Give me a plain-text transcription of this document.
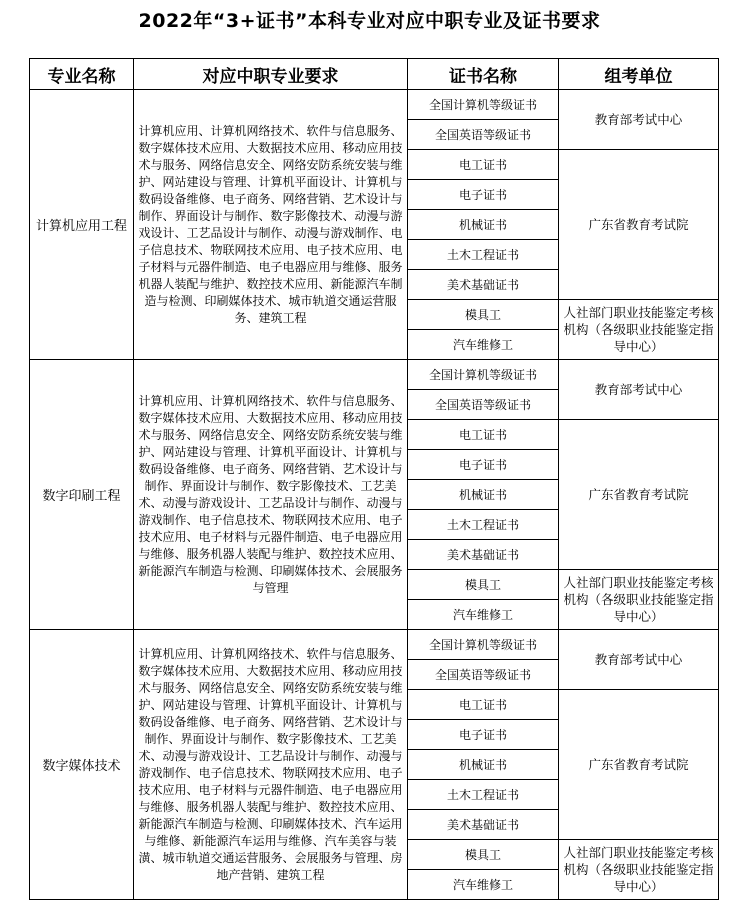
2022年“3+证书”本科专业对应中职专业及证书要求
专业名称	对应中职专业要求	证书名称	组考单位
计算机应用工程	计算机应用、计算机网络技术、软件与信息服务、数字媒体技术应用、大数据技术应用、移动应用技术与服务、网络信息安全、网络安防系统安装与维护、网站建设与管理、计算机平面设计、计算机与数码设备维修、电子商务、网络营销、艺术设计与制作、界面设计与制作、数字影像技术、动漫与游戏设计、工艺品设计与制作、动漫与游戏制作、电子信息技术、物联网技术应用、电子技术应用、电子材料与元器件制造、电子电器应用与维修、服务机器人装配与维护、数控技术应用、新能源汽车制造与检测、印刷媒体技术、城市轨道交通运营服务、建筑工程	全国计算机等级证书	教育部考试中心
		全国英语等级证书	
		电工证书	广东省教育考试院
		电子证书	
		机械证书	
		土木工程证书	
		美术基础证书	
		模具工	人社部门职业技能鉴定考核机构（各级职业技能鉴定指导中心）
		汽车维修工	
数字印刷工程	计算机应用、计算机网络技术、软件与信息服务、数字媒体技术应用、大数据技术应用、移动应用技术与服务、网络信息安全、网络安防系统安装与维护、网站建设与管理、计算机平面设计、计算机与数码设备维修、电子商务、网络营销、艺术设计与制作、界面设计与制作、数字影像技术、工艺美术、动漫与游戏设计、工艺品设计与制作、动漫与游戏制作、电子信息技术、物联网技术应用、电子技术应用、电子材料与元器件制造、电子电器应用与维修、服务机器人装配与维护、数控技术应用、新能源汽车制造与检测、印刷媒体技术、会展服务与管理	全国计算机等级证书	教育部考试中心
		全国英语等级证书	
		电工证书	广东省教育考试院
		电子证书	
		机械证书	
		土木工程证书	
		美术基础证书	
		模具工	人社部门职业技能鉴定考核机构（各级职业技能鉴定指导中心）
		汽车维修工	
数字媒体技术	计算机应用、计算机网络技术、软件与信息服务、数字媒体技术应用、大数据技术应用、移动应用技术与服务、网络信息安全、网络安防系统安装与维护、网站建设与管理、计算机平面设计、计算机与数码设备维修、电子商务、网络营销、艺术设计与制作、界面设计与制作、数字影像技术、工艺美术、动漫与游戏设计、工艺品设计与制作、动漫与游戏制作、电子信息技术、物联网技术应用、电子技术应用、电子材料与元器件制造、电子电器应用与维修、服务机器人装配与维护、数控技术应用、新能源汽车制造与检测、印刷媒体技术、汽车运用与维修、新能源汽车运用与维修、汽车美容与装潢、城市轨道交通运营服务、会展服务与管理、房地产营销、建筑工程	全国计算机等级证书	教育部考试中心
		全国英语等级证书	
		电工证书	广东省教育考试院
		电子证书	
		机械证书	
		土木工程证书	
		美术基础证书	
		模具工	人社部门职业技能鉴定考核机构（各级职业技能鉴定指导中心）
		汽车维修工	
